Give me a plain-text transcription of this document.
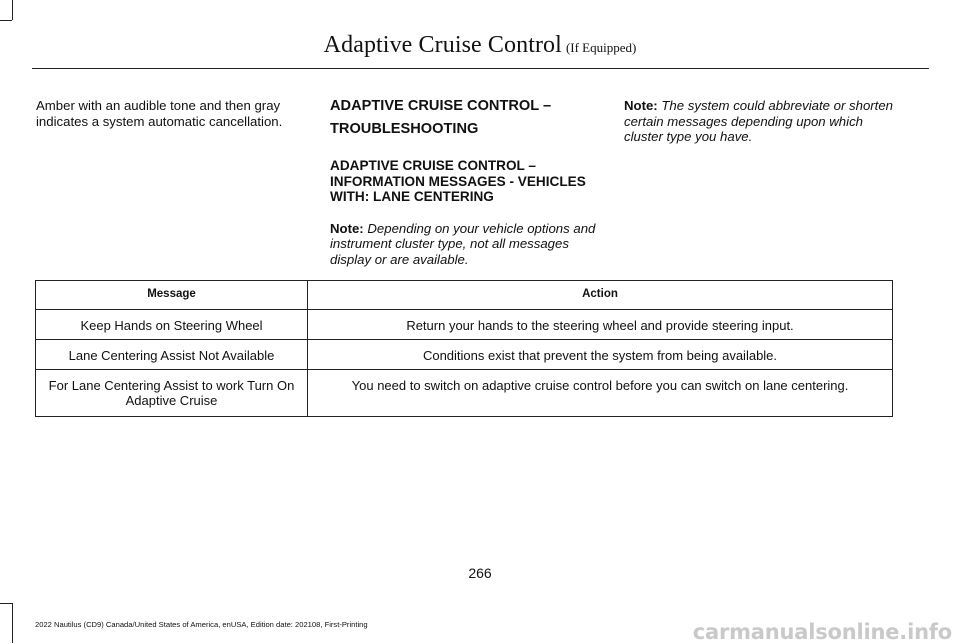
Adaptive Cruise Control (If Equipped)
Amber with an audible tone and then gray indicates a system automatic cancellation.
ADAPTIVE CRUISE CONTROL –
TROUBLESHOOTING
ADAPTIVE CRUISE CONTROL – INFORMATION MESSAGES - VEHICLES WITH: LANE CENTERING
Note: Depending on your vehicle options and instrument cluster type, not all messages display or are available.
Note: The system could abbreviate or shorten certain messages depending upon which cluster type you have.
Message	Action
Keep Hands on Steering Wheel	Return your hands to the steering wheel and provide steering input.
Lane Centering Assist Not Available	Conditions exist that prevent the system from being available.
For Lane Centering Assist to work Turn On Adaptive Cruise	You need to switch on adaptive cruise control before you can switch on lane centering.
266
2022 Nautilus (CD9) Canada/United States of America, enUSA, Edition date: 202108, First-Printing	carmanualsonline.info
